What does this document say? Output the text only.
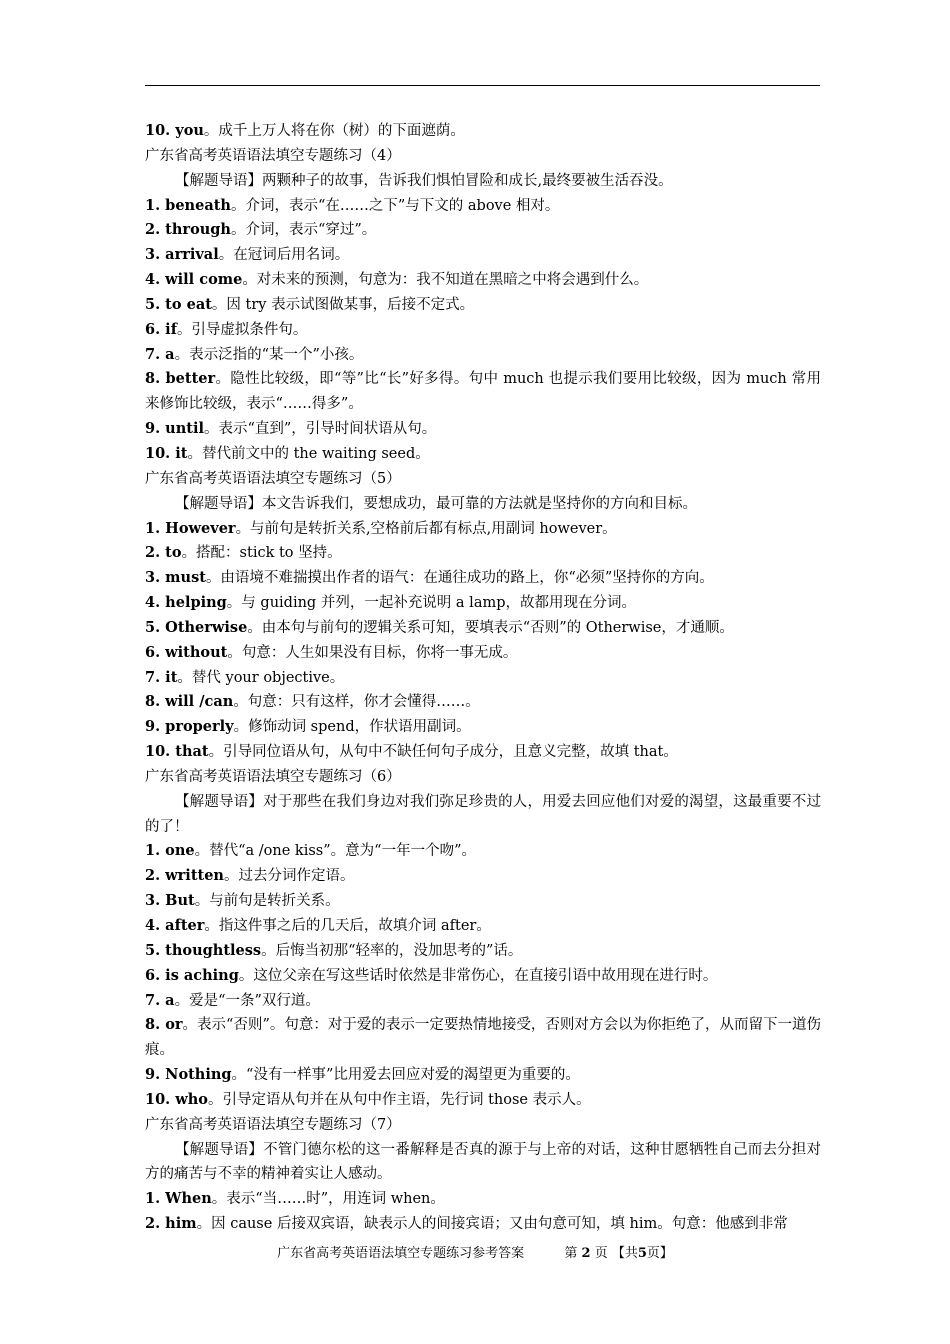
10. you。成千上万人将在你（树）的下面遮荫。
广东省高考英语语法填空专题练习（4）
【解题导语】两颗种子的故事，告诉我们惧怕冒险和成长,最终要被生活吞没。
1. beneath。介词，表示“在……之下”与下文的 above 相对。
2. through。介词，表示“穿过”。
3. arrival。在冠词后用名词。
4. will come。对未来的预测，句意为：我不知道在黑暗之中将会遇到什么。
5. to eat。因 try 表示试图做某事，后接不定式。
6. if。引导虚拟条件句。
7. a。表示泛指的“某一个”小孩。
8. better。隐性比较级，即“等”比“长”好多得。句中 much 也提示我们要用比较级，因为 much 常用来修饰比较级，表示“……得多”。
9. until。表示“直到”，引导时间状语从句。
10. it。替代前文中的 the waiting seed。
广东省高考英语语法填空专题练习（5）
【解题导语】本文告诉我们，要想成功，最可靠的方法就是坚持你的方向和目标。
1. However。与前句是转折关系,空格前后都有标点,用副词 however。
2. to。搭配：stick to 坚持。
3. must。由语境不难揣摸出作者的语气：在通往成功的路上，你“必须”坚持你的方向。
4. helping。与 guiding 并列，一起补充说明 a lamp，故都用现在分词。
5. Otherwise。由本句与前句的逻辑关系可知，要填表示“否则”的 Otherwise，才通顺。
6. without。句意：人生如果没有目标，你将一事无成。
7. it。替代 your objective。
8. will /can。句意：只有这样，你才会懂得……。
9. properly。修饰动词 spend，作状语用副词。
10. that。引导同位语从句，从句中不缺任何句子成分，且意义完整，故填 that。
广东省高考英语语法填空专题练习（6）
【解题导语】对于那些在我们身边对我们弥足珍贵的人，用爱去回应他们对爱的渴望，这最重要不过的了！
1. one。替代“a /one kiss”。意为“一年一个吻”。
2. written。过去分词作定语。
3. But。与前句是转折关系。
4. after。指这件事之后的几天后，故填介词 after。
5. thoughtless。后悔当初那“轻率的，没加思考的”话。
6. is aching。这位父亲在写这些话时依然是非常伤心，在直接引语中故用现在进行时。
7. a。爱是“一条”双行道。
8. or。表示“否则”。句意：对于爱的表示一定要热情地接受，否则对方会以为你拒绝了，从而留下一道伤痕。
9. Nothing。“没有一样事”比用爱去回应对爱的渴望更为重要的。
10. who。引导定语从句并在从句中作主语，先行词 those 表示人。
广东省高考英语语法填空专题练习（7）
【解题导语】不管门德尔松的这一番解释是否真的源于与上帝的对话，这种甘愿牺牲自己而去分担对方的痛苦与不幸的精神着实让人感动。
1. When。表示“当……时”，用连词 when。
2. him。因 cause 后接双宾语，缺表示人的间接宾语；又由句意可知，填 him。句意：他感到非常
广东省高考英语语法填空专题练习参考答案	第 2 页 【共5页】
